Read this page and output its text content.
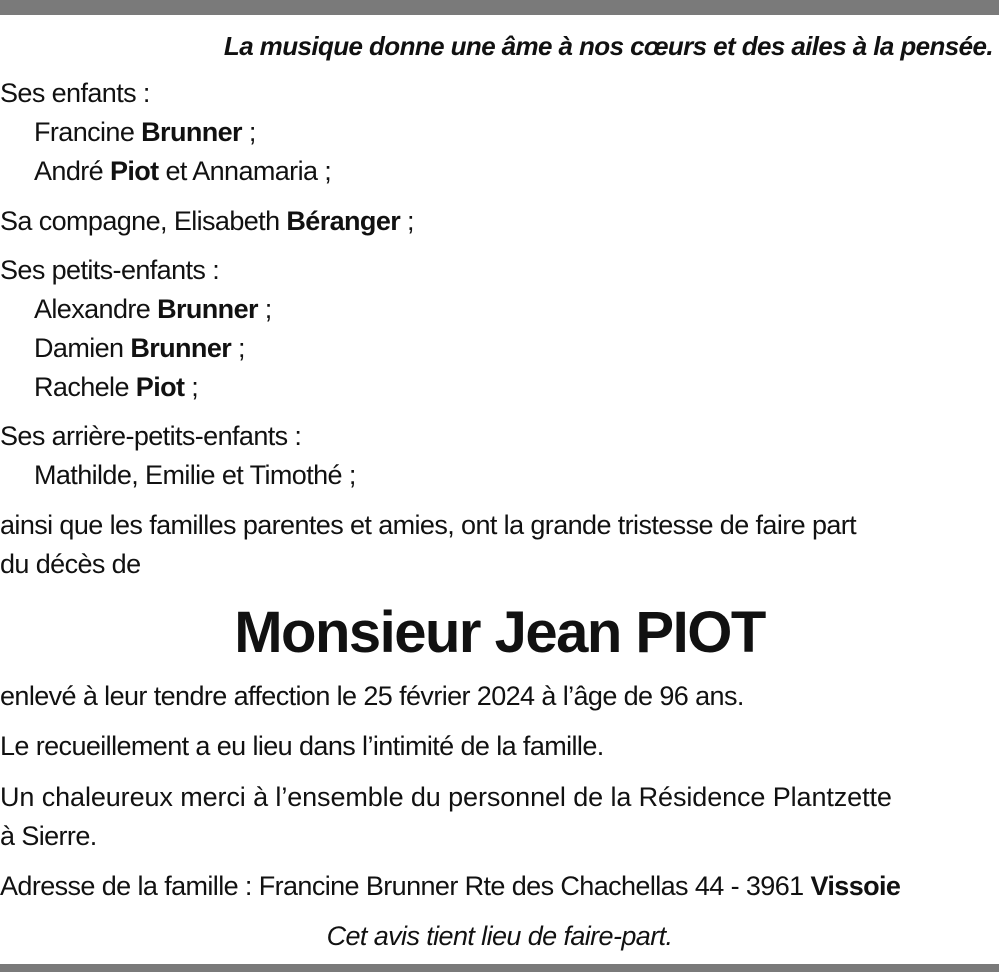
La musique donne une âme à nos cœurs et des ailes à la pensée.
Ses enfants :
Francine Brunner ;
André Piot et Annamaria ;
Sa compagne, Elisabeth Béranger ;
Ses petits-enfants :
Alexandre Brunner ;
Damien Brunner ;
Rachele Piot ;
Ses arrière-petits-enfants :
Mathilde, Emilie et Timothé ;
ainsi que les familles parentes et amies, ont la grande tristesse de faire part
du décès de
Monsieur Jean PIOT
enlevé à leur tendre affection le 25 février 2024 à l’âge de 96 ans.
Le recueillement a eu lieu dans l’intimité de la famille.
Un chaleureux merci à l’ensemble du personnel de la Résidence Plantzette
à Sierre.
Adresse de la famille : Francine Brunner Rte des Chachellas 44 - 3961 Vissoie
Cet avis tient lieu de faire-part.
